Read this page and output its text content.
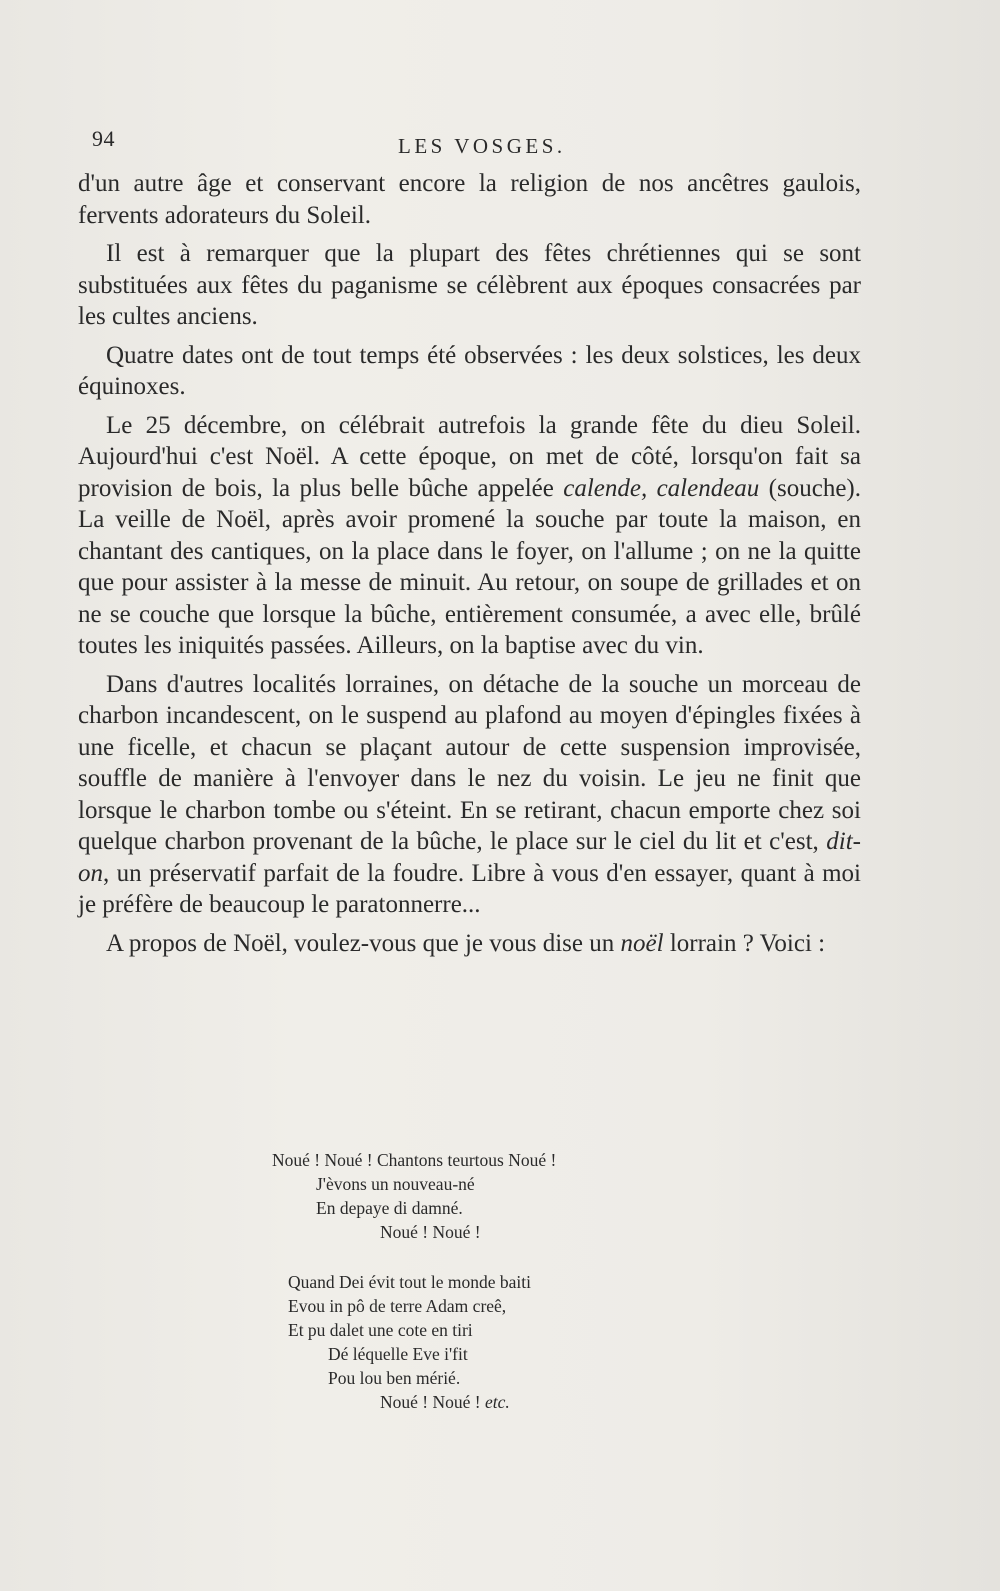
94	LES VOSGES.

d'un autre âge et conservant encore la religion de nos ancêtres gaulois, fervents adorateurs du Soleil.

Il est à remarquer que la plupart des fêtes chrétiennes qui se sont substituées aux fêtes du paganisme se célèbrent aux époques consacrées par les cultes anciens.

Quatre dates ont de tout temps été observées : les deux solstices, les deux équinoxes.

Le 25 décembre, on célébrait autrefois la grande fête du dieu Soleil. Aujourd'hui c'est Noël. A cette époque, on met de côté, lorsqu'on fait sa provision de bois, la plus belle bûche appelée calende, calendeau (souche). La veille de Noël, après avoir promené la souche par toute la maison, en chantant des cantiques, on la place dans le foyer, on l'allume ; on ne la quitte que pour assister à la messe de minuit. Au retour, on soupe de grillades et on ne se couche que lorsque la bûche, entièrement consumée, a avec elle, brûlé toutes les iniquités passées. Ailleurs, on la baptise avec du vin.

Dans d'autres localités lorraines, on détache de la souche un morceau de charbon incandescent, on le suspend au plafond au moyen d'épingles fixées à une ficelle, et chacun se plaçant autour de cette suspension improvisée, souffle de manière à l'envoyer dans le nez du voisin. Le jeu ne finit que lorsque le charbon tombe ou s'éteint. En se retirant, chacun emporte chez soi quelque charbon provenant de la bûche, le place sur le ciel du lit et c'est, dit-on, un préservatif parfait de la foudre. Libre à vous d'en essayer, quant à moi je préfère de beaucoup le paratonnerre...

A propos de Noël, voulez-vous que je vous dise un noël lorrain ? Voici :

Noué ! Noué ! Chantons teurtous Noué !
J'èvons un nouveau-né
En depaye di damné.
Noué ! Noué !
Quand Dei évit tout le monde baiti
Evou in pô de terre Adam creê,
Et pu dalet une cote en tiri
Dé léquelle Eve i'fit
Pou lou ben mérié.
Noué ! Noué ! etc.
